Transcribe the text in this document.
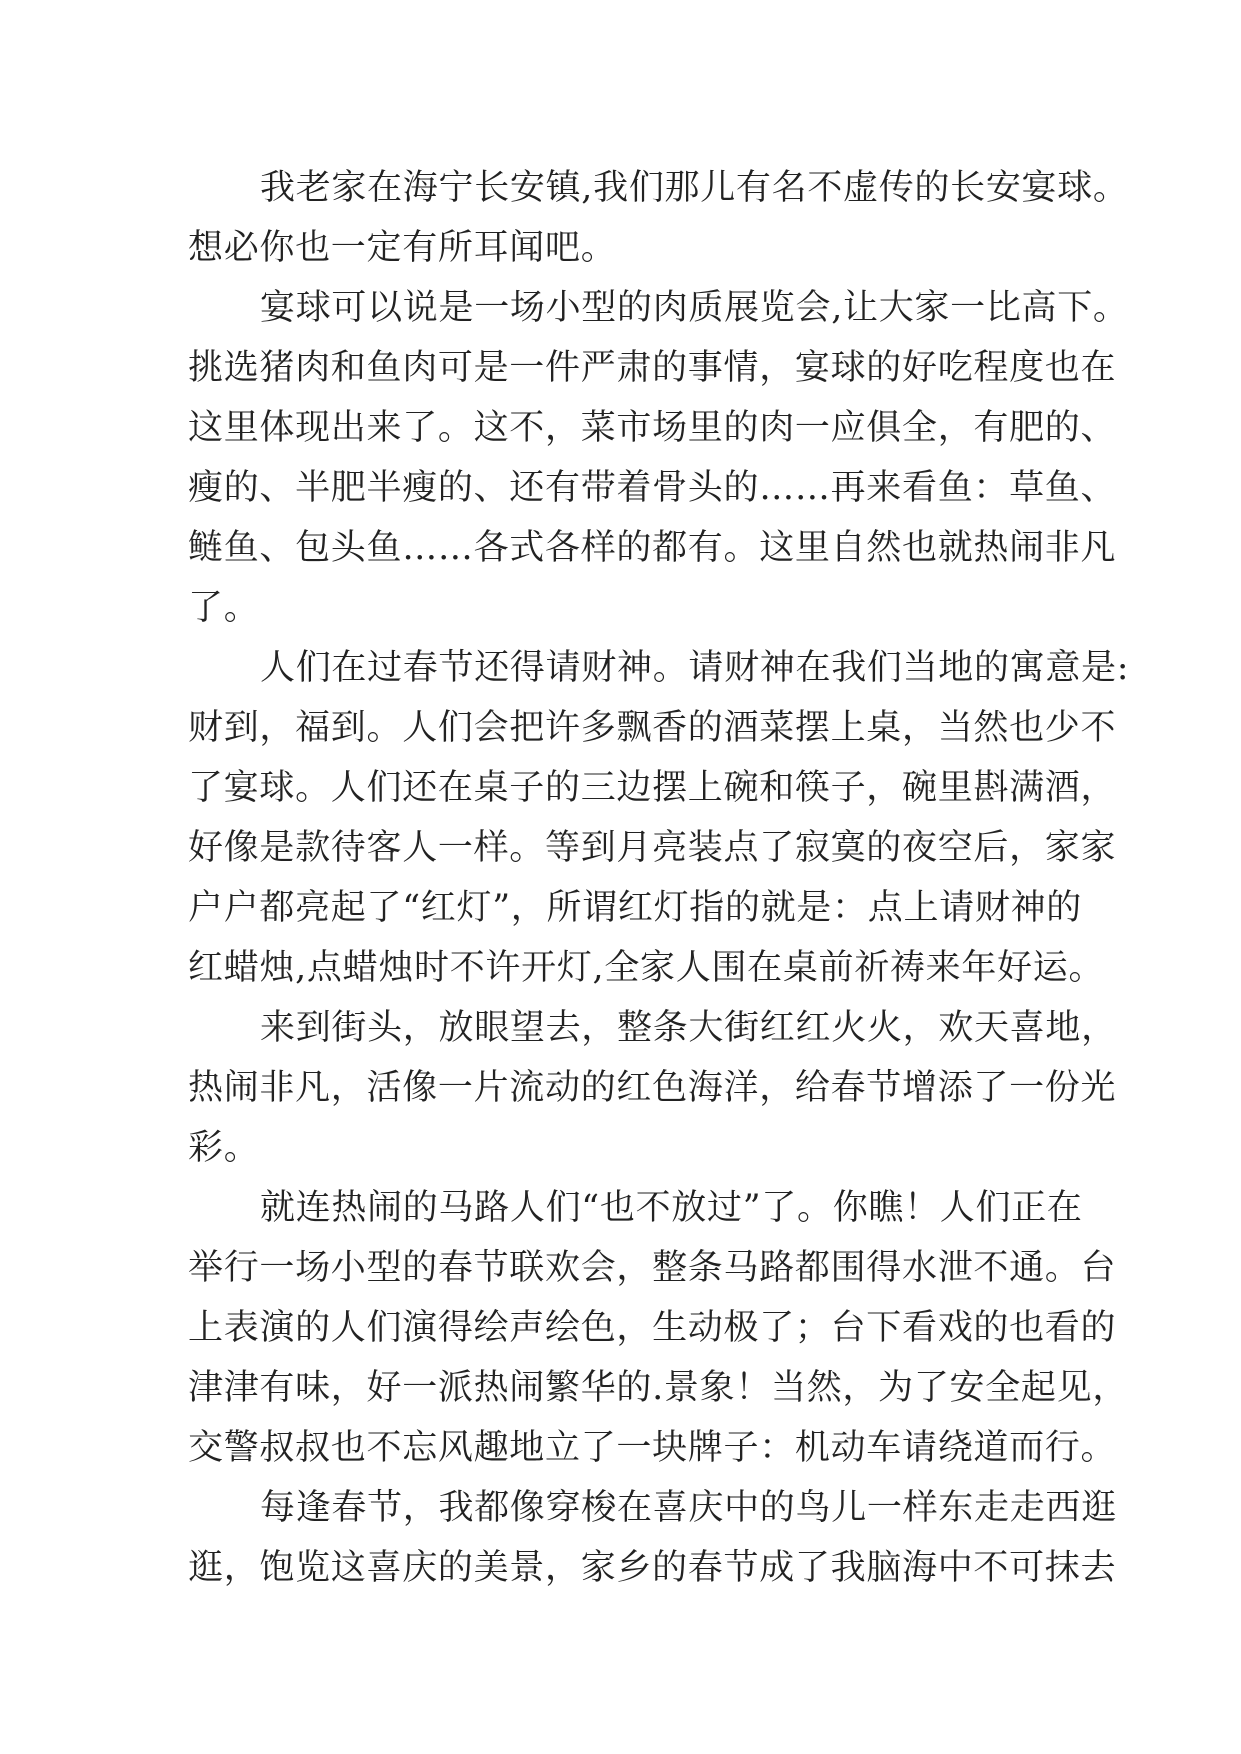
我老家在海宁长安镇,我们那儿有名不虚传的长安宴球。
想必你也一定有所耳闻吧。
宴球可以说是一场小型的肉质展览会,让大家一比高下。
挑选猪肉和鱼肉可是一件严肃的事情，宴球的好吃程度也在
这里体现出来了。这不，菜市场里的肉一应俱全，有肥的、
瘦的、半肥半瘦的、还有带着骨头的……再来看鱼：草鱼、
鲢鱼、包头鱼……各式各样的都有。这里自然也就热闹非凡
了。
人们在过春节还得请财神。请财神在我们当地的寓意是:
财到，福到。人们会把许多飘香的酒菜摆上桌，当然也少不
了宴球。人们还在桌子的三边摆上碗和筷子，碗里斟满酒，
好像是款待客人一样。等到月亮装点了寂寞的夜空后，家家
户户都亮起了“红灯”，所谓红灯指的就是：点上请财神的
红蜡烛,点蜡烛时不许开灯,全家人围在桌前祈祷来年好运。
来到街头，放眼望去，整条大街红红火火，欢天喜地，
热闹非凡，活像一片流动的红色海洋，给春节增添了一份光
彩。
就连热闹的马路人们“也不放过”了。你瞧！人们正在
举行一场小型的春节联欢会，整条马路都围得水泄不通。台
上表演的人们演得绘声绘色，生动极了；台下看戏的也看的
津津有味，好一派热闹繁华的.景象！当然，为了安全起见，
交警叔叔也不忘风趣地立了一块牌子：机动车请绕道而行。
每逢春节，我都像穿梭在喜庆中的鸟儿一样东走走西逛
逛，饱览这喜庆的美景，家乡的春节成了我脑海中不可抹去
